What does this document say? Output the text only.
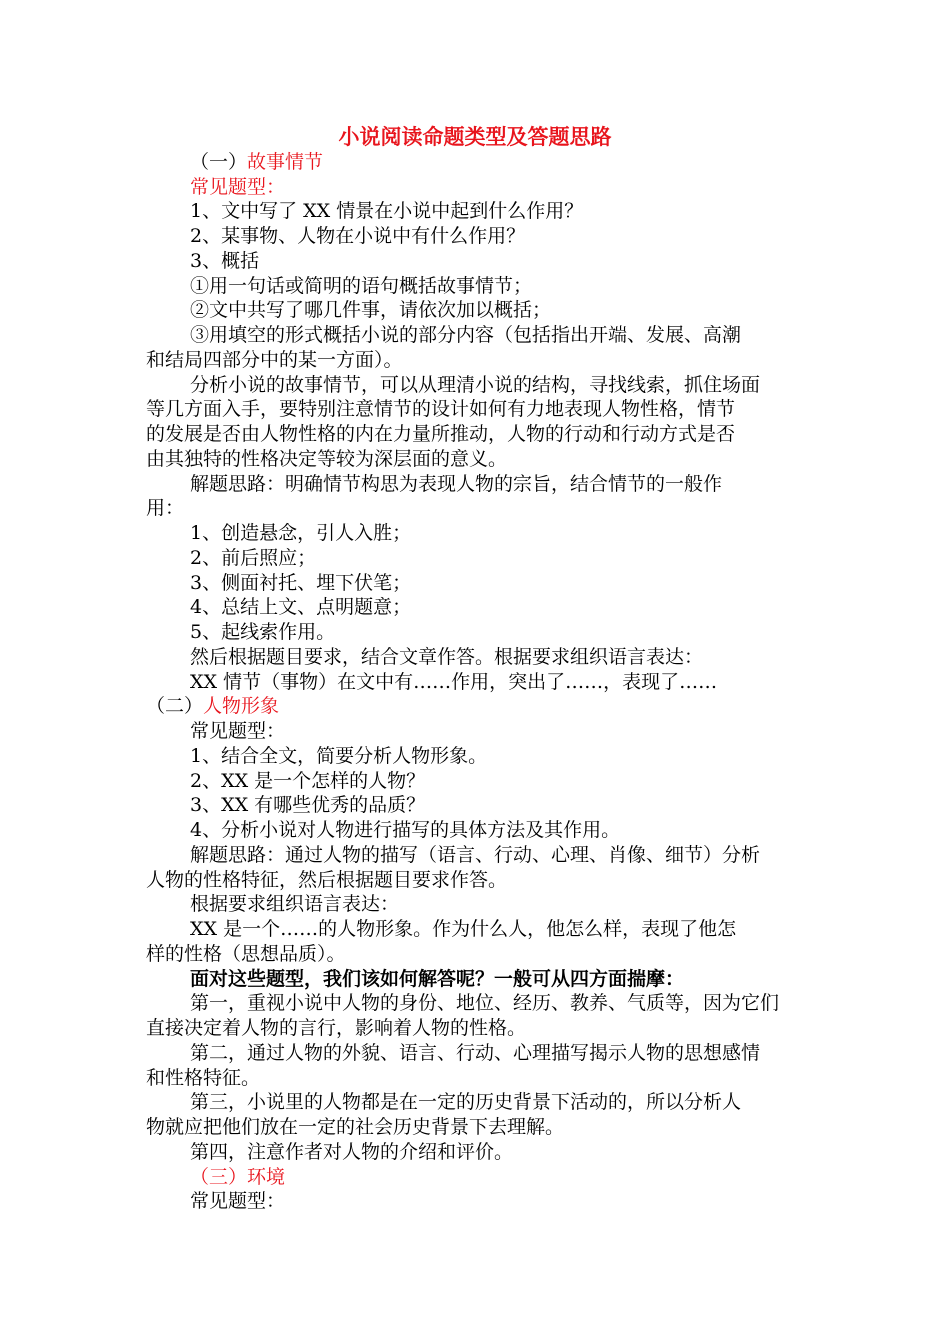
小说阅读命题类型及答题思路
（一）故事情节
常见题型：
1、文中写了 XX 情景在小说中起到什么作用？
2、某事物、人物在小说中有什么作用？
3、概括
①用一句话或简明的语句概括故事情节；
②文中共写了哪几件事，请依次加以概括；
③用填空的形式概括小说的部分内容（包括指出开端、发展、高潮
和结局四部分中的某一方面）。
分析小说的故事情节，可以从理清小说的结构，寻找线索，抓住场面
等几方面入手，要特别注意情节的设计如何有力地表现人物性格，情节
的发展是否由人物性格的内在力量所推动，人物的行动和行动方式是否
由其独特的性格决定等较为深层面的意义。
解题思路：明确情节构思为表现人物的宗旨，结合情节的一般作
用：
1、创造悬念，引人入胜；
2、前后照应；
3、侧面衬托、埋下伏笔；
4、总结上文、点明题意；
5、起线索作用。
然后根据题目要求，结合文章作答。根据要求组织语言表达：
XX 情节（事物）在文中有……作用，突出了……，表现了……
（二）人物形象
常见题型：
1、结合全文，简要分析人物形象。
2、XX 是一个怎样的人物？
3、XX 有哪些优秀的品质？
4、分析小说对人物进行描写的具体方法及其作用。
解题思路：通过人物的描写（语言、行动、心理、肖像、细节）分析
人物的性格特征，然后根据题目要求作答。
根据要求组织语言表达：
XX 是一个……的人物形象。作为什么人，他怎么样，表现了他怎
样的性格（思想品质）。
面对这些题型，我们该如何解答呢？一般可从四方面揣摩：
第一，重视小说中人物的身份、地位、经历、教养、气质等，因为它们
直接决定着人物的言行，影响着人物的性格。
第二，通过人物的外貌、语言、行动、心理描写揭示人物的思想感情
和性格特征。
第三，小说里的人物都是在一定的历史背景下活动的，所以分析人
物就应把他们放在一定的社会历史背景下去理解。
第四，注意作者对人物的介绍和评价。
（三）环境
常见题型：
